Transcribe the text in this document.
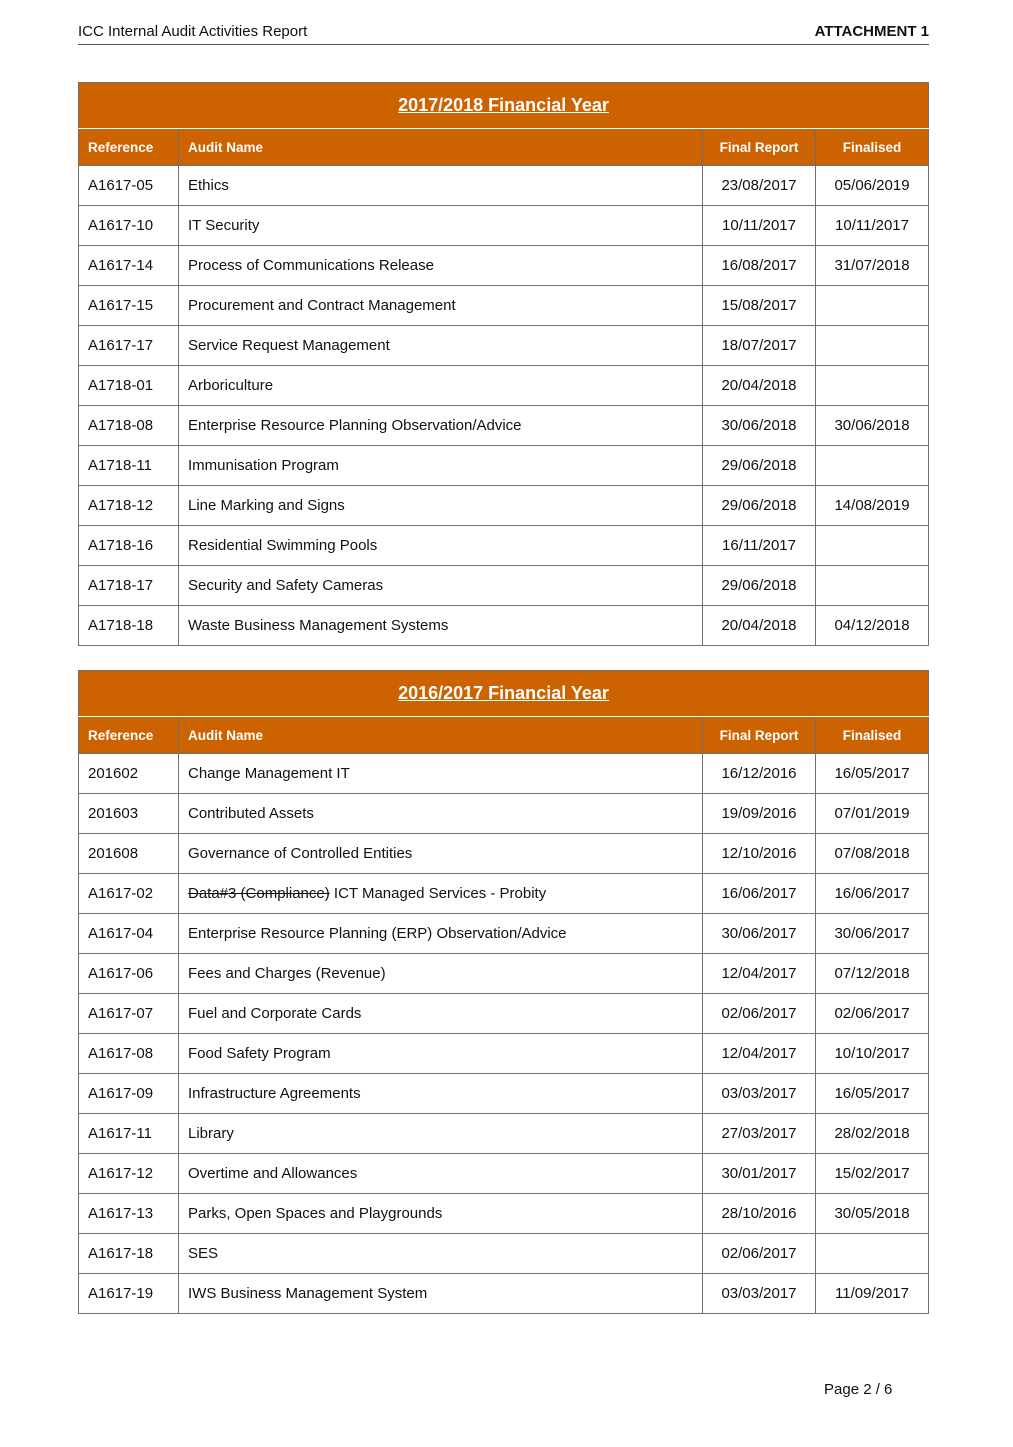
ICC Internal Audit Activities Report	ATTACHMENT 1
2017/2018 Financial Year			
Reference	Audit Name	Final Report	Finalised
A1617-05	Ethics	23/08/2017	05/06/2019
A1617-10	IT Security	10/11/2017	10/11/2017
A1617-14	Process of Communications Release	16/08/2017	31/07/2018
A1617-15	Procurement and Contract Management	15/08/2017	
A1617-17	Service Request Management	18/07/2017	
A1718-01	Arboriculture	20/04/2018	
A1718-08	Enterprise Resource Planning Observation/Advice	30/06/2018	30/06/2018
A1718-11	Immunisation Program	29/06/2018	
A1718-12	Line Marking and Signs	29/06/2018	14/08/2019
A1718-16	Residential Swimming Pools	16/11/2017	
A1718-17	Security and Safety Cameras	29/06/2018	
A1718-18	Waste Business Management Systems	20/04/2018	04/12/2018
2016/2017 Financial Year			
Reference	Audit Name	Final Report	Finalised
201602	Change Management IT	16/12/2016	16/05/2017
201603	Contributed Assets	19/09/2016	07/01/2019
201608	Governance of Controlled Entities	12/10/2016	07/08/2018
A1617-02	Data#3 (Compliance) ICT Managed Services - Probity	16/06/2017	16/06/2017
A1617-04	Enterprise Resource Planning (ERP) Observation/Advice	30/06/2017	30/06/2017
A1617-06	Fees and Charges (Revenue)	12/04/2017	07/12/2018
A1617-07	Fuel and Corporate Cards	02/06/2017	02/06/2017
A1617-08	Food Safety Program	12/04/2017	10/10/2017
A1617-09	Infrastructure Agreements	03/03/2017	16/05/2017
A1617-11	Library	27/03/2017	28/02/2018
A1617-12	Overtime and Allowances	30/01/2017	15/02/2017
A1617-13	Parks, Open Spaces and Playgrounds	28/10/2016	30/05/2018
A1617-18	SES	02/06/2017	
A1617-19	IWS Business Management System	03/03/2017	11/09/2017
Page 2 / 6
